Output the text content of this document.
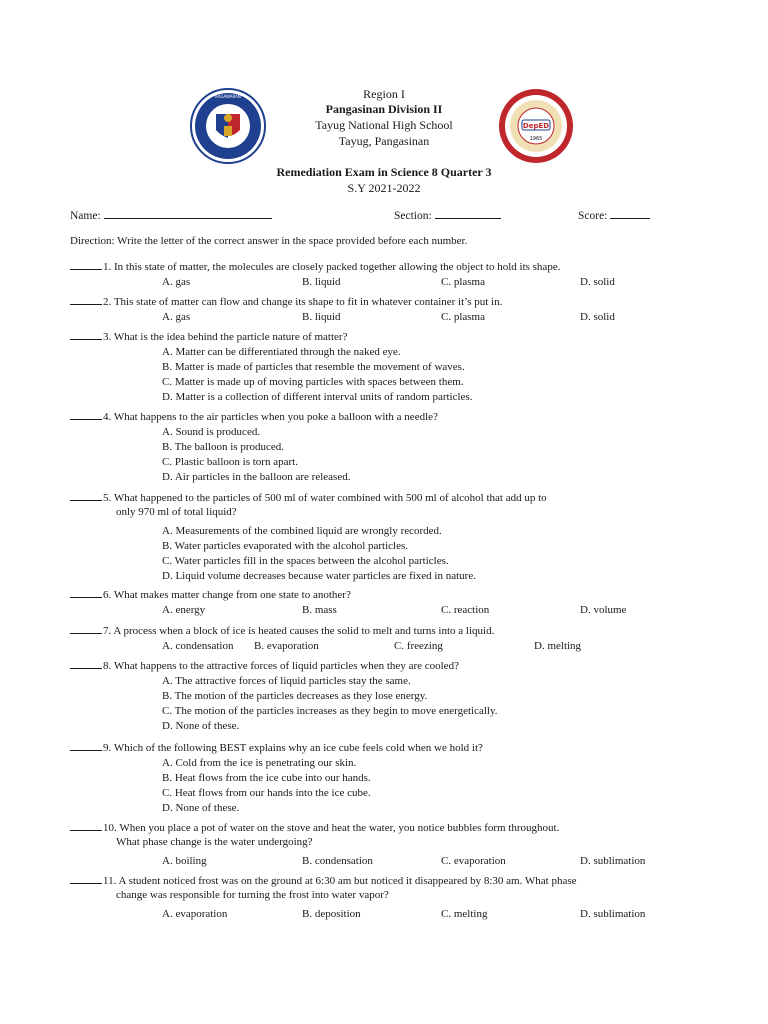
KAGAWARAN
DepED
1965
Region I
Pangasinan Division II
Tayug National High School
Tayug, Pangasinan
Remediation Exam in Science 8 Quarter 3
S.Y 2021-2022
Name:	Section:	Score:
Direction: Write the letter of the correct answer in the space provided before each number.
1. In this state of matter, the molecules are closely packed together allowing the object to hold its shape.
A. gas	B. liquid	C. plasma	D. solid
2. This state of matter can flow and change its shape to fit in whatever container it’s put in.
A. gas	B. liquid	C. plasma	D. solid
3. What is the idea behind the particle nature of matter?
A. Matter can be differentiated through the naked eye.
B. Matter is made of particles that resemble the movement of waves.
C. Matter is made up of moving particles with spaces between them.
D. Matter is a collection of different interval units of random particles.
4. What happens to the air particles when you poke a balloon with a needle?
A. Sound is produced.
B. The balloon is produced.
C. Plastic balloon is torn apart.
D. Air particles in the balloon are released.
5. What happened to the particles of 500 ml of water combined with 500 ml of alcohol that add up to
only 970 ml of total liquid?
A. Measurements of the combined liquid are wrongly recorded.
B. Water particles evaporated with the alcohol particles.
C. Water particles fill in the spaces between the alcohol particles.
D. Liquid volume decreases because water particles are fixed in nature.
6. What makes matter change from one state to another?
A. energy	B. mass	C. reaction	D. volume
7. A process when a block of ice is heated causes the solid to melt and turns into a liquid.
A. condensation B. evaporation	C. freezing	D. melting
8. What happens to the attractive forces of liquid particles when they are cooled?
A. The attractive forces of liquid particles stay the same.
B. The motion of the particles decreases as they lose energy.
C. The motion of the particles increases as they begin to move energetically.
D. None of these.
9. Which of the following BEST explains why an ice cube feels cold when we hold it?
A. Cold from the ice is penetrating our skin.
B. Heat flows from the ice cube into our hands.
C. Heat flows from our hands into the ice cube.
D. None of these.
10. When you place a pot of water on the stove and heat the water, you notice bubbles form throughout.
What phase change is the water undergoing?
A. boiling	B. condensation	C. evaporation	D. sublimation
11. A student noticed frost was on the ground at 6:30 am but noticed it disappeared by 8:30 am. What phase
change was responsible for turning the frost into water vapor?
A. evaporation	B. deposition	C. melting	D. sublimation
